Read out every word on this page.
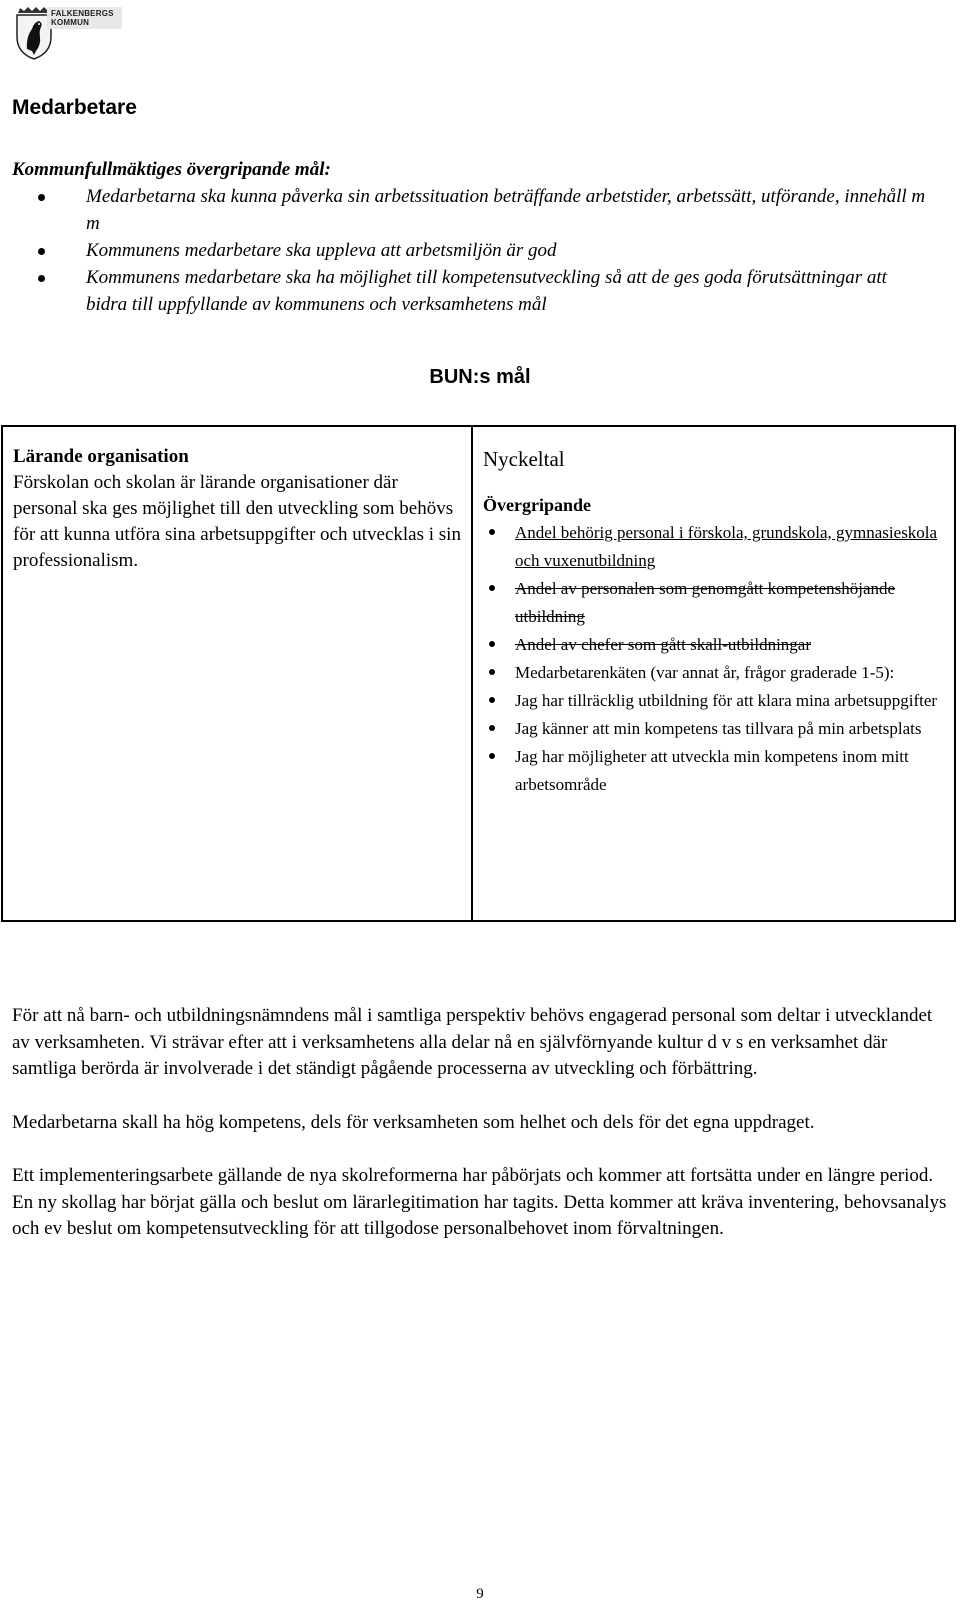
FALKENBERGS KOMMUN
Medarbetare
Kommunfullmäktiges övergripande mål:
Medarbetarna ska kunna påverka sin arbetssituation beträffande arbetstider, arbetssätt, utförande, innehåll m m
Kommunens medarbetare ska uppleva att arbetsmiljön är god
Kommunens medarbetare ska ha möjlighet till kompetensutveckling så att de ges goda förutsättningar att bidra till uppfyllande av kommunens och verksamhetens mål
BUN:s mål
Lärande organisation
Förskolan och skolan är lärande organisationer där personal ska ges möjlighet till den utveckling som behövs för att kunna utföra sina arbetsuppgifter och utvecklas i sin professionalism.

Nyckeltal
Övergripande
Andel behörig personal i förskola, grundskola, gymnasieskola och vuxenutbildning
Andel av personalen som genomgått kompetenshöjande utbildning
Andel av chefer som gått skall-utbildningar
Medarbetarenkäten (var annat år, frågor graderade 1-5):
Jag har tillräcklig utbildning för att klara mina arbetsuppgifter
Jag känner att min kompetens tas tillvara på min arbetsplats
Jag har möjligheter att utveckla min kompetens inom mitt arbetsområde

För att nå barn- och utbildningsnämndens mål i samtliga perspektiv behövs engagerad personal som deltar i utvecklandet av verksamheten. Vi strävar efter att i verksamhetens alla delar nå en självförnyande kultur d v s en verksamhet där samtliga berörda är involverade i det ständigt pågående processerna av utveckling och förbättring.

Medarbetarna skall ha hög kompetens, dels för verksamheten som helhet och dels för det egna uppdraget.

Ett implementeringsarbete gällande de nya skolreformerna har påbörjats och kommer att fortsätta under en längre period. En ny skollag har börjat gälla och beslut om lärarlegitimation har tagits. Detta kommer att kräva inventering, behovsanalys och ev beslut om kompetensutveckling för att tillgodose personalbehovet inom förvaltningen.

9
